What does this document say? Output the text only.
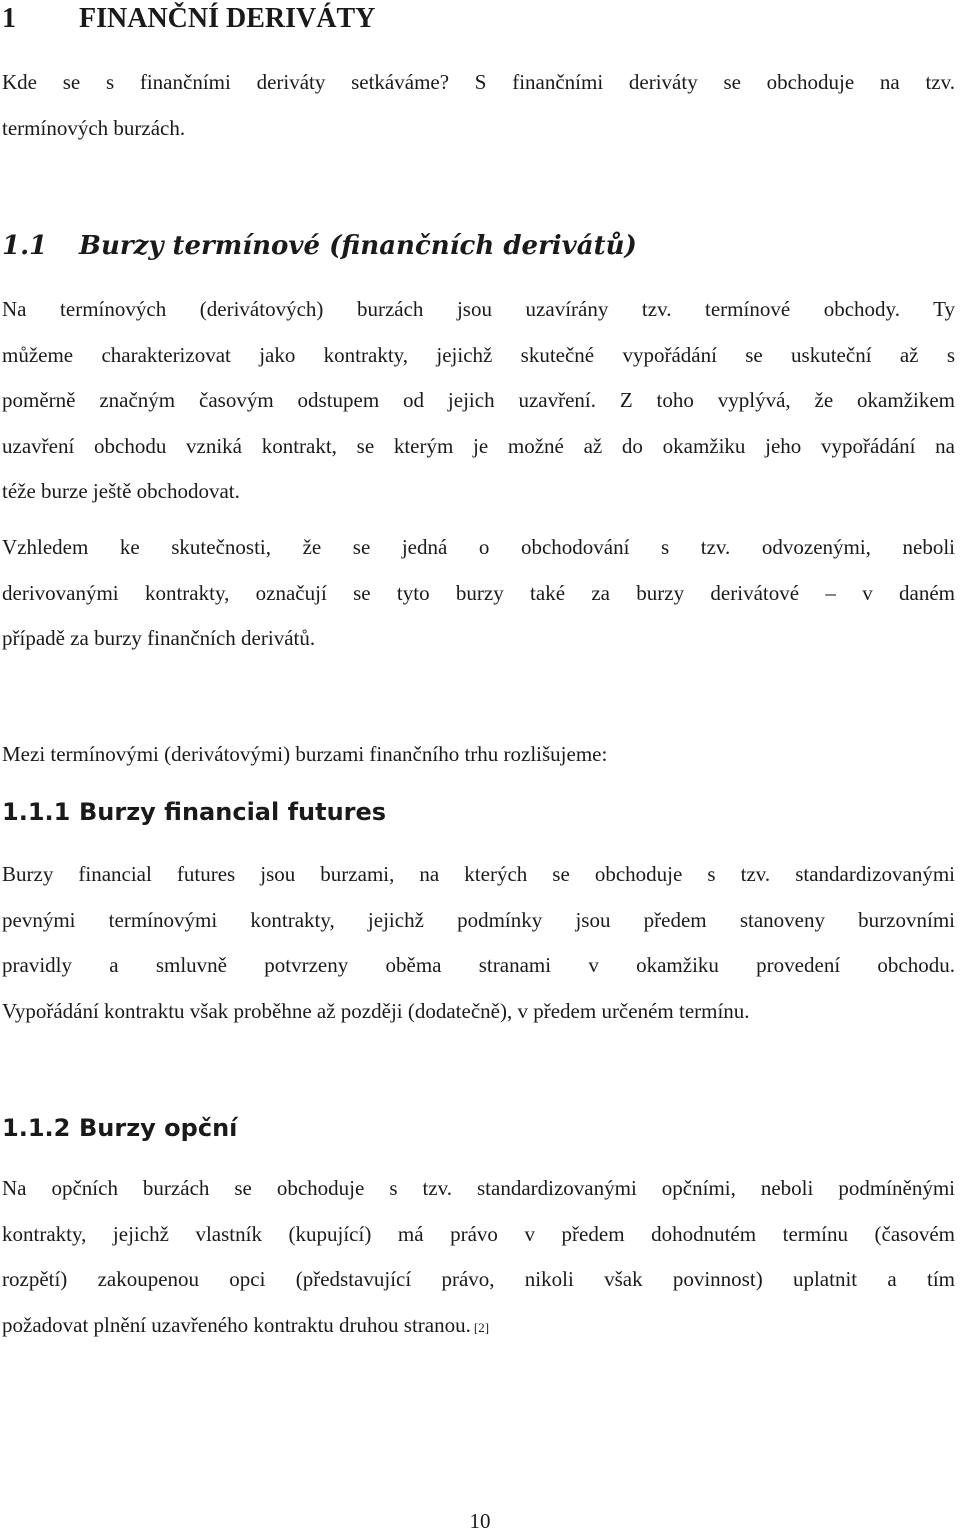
1 FINANČNÍ DERIVÁTY
Kde se s finančními deriváty setkáváme? S finančními deriváty se obchoduje na tzv.
termínových burzách.
1.1 Burzy termínové (finančních derivátů)
Na termínových (derivátových) burzách jsou uzavírány tzv. termínové obchody. Ty
můžeme charakterizovat jako kontrakty, jejichž skutečné vypořádání se uskuteční až s
poměrně značným časovým odstupem od jejich uzavření. Z toho vyplývá, že okamžikem
uzavření obchodu vzniká kontrakt, se kterým je možné až do okamžiku jeho vypořádání na
téže burze ještě obchodovat.
Vzhledem ke skutečnosti, že se jedná o obchodování s tzv. odvozenými, neboli
derivovanými kontrakty, označují se tyto burzy také za burzy derivátové – v daném
případě za burzy finančních derivátů.

Mezi termínovými (derivátovými) burzami finančního trhu rozlišujeme:

1.1.1 Burzy financial futures
Burzy financial futures jsou burzami, na kterých se obchoduje s tzv. standardizovanými
pevnými termínovými kontrakty, jejichž podmínky jsou předem stanoveny burzovními
pravidly a smluvně potvrzeny oběma stranami v okamžiku provedení obchodu.
Vypořádání kontraktu však proběhne až později (dodatečně), v předem určeném termínu.
1.1.2 Burzy opční
Na opčních burzách se obchoduje s tzv. standardizovanými opčními, neboli podmíněnými
kontrakty, jejichž vlastník (kupující) má právo v předem dohodnutém termínu (časovém
rozpětí) zakoupenou opci (představující právo, nikoli však povinnost) uplatnit a tím
požadovat plnění uzavřeného kontraktu druhou stranou. [2]
10
